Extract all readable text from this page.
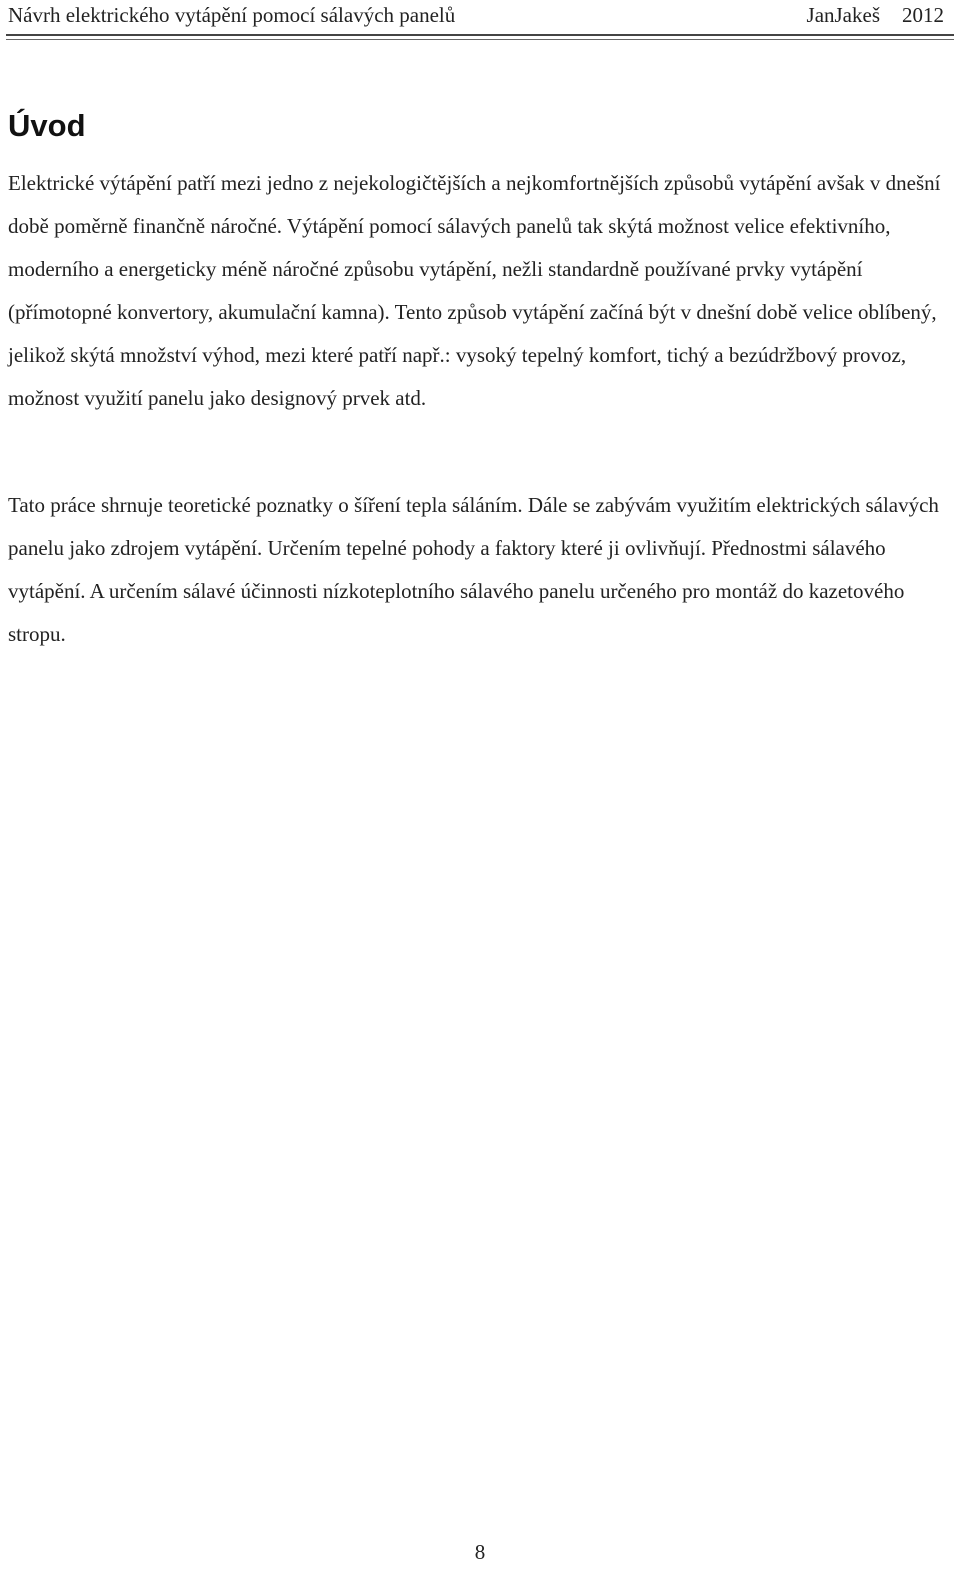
Návrh elektrického vytápění pomocí sálavých panelů	JanJakeš 2012
Úvod

Elektrické výtápění patří mezi jedno z nejekologičtějších a nejkomfortnějších způsobů vytápění avšak v dnešní době poměrně finančně náročné. Výtápění pomocí sálavých panelů tak skýtá možnost velice efektivního, moderního a energeticky méně náročné způsobu vytápění, nežli standardně používané prvky vytápění (přímotopné konvertory, akumulační kamna). Tento způsob vytápění začíná být v dnešní době velice oblíbený, jelikož skýtá množství výhod, mezi které patří např.: vysoký tepelný komfort, tichý a bezúdržbový provoz, možnost využití panelu jako designový prvek atd.

Tato práce shrnuje teoretické poznatky o šíření tepla sáláním. Dále se zabývám využitím elektrických sálavých panelu jako zdrojem vytápění. Určením tepelné pohody a faktory které ji ovlivňují. Přednostmi sálavého vytápění. A určením sálavé účinnosti nízkoteplotního sálavého panelu určeného pro montáž do kazetového stropu.

8
